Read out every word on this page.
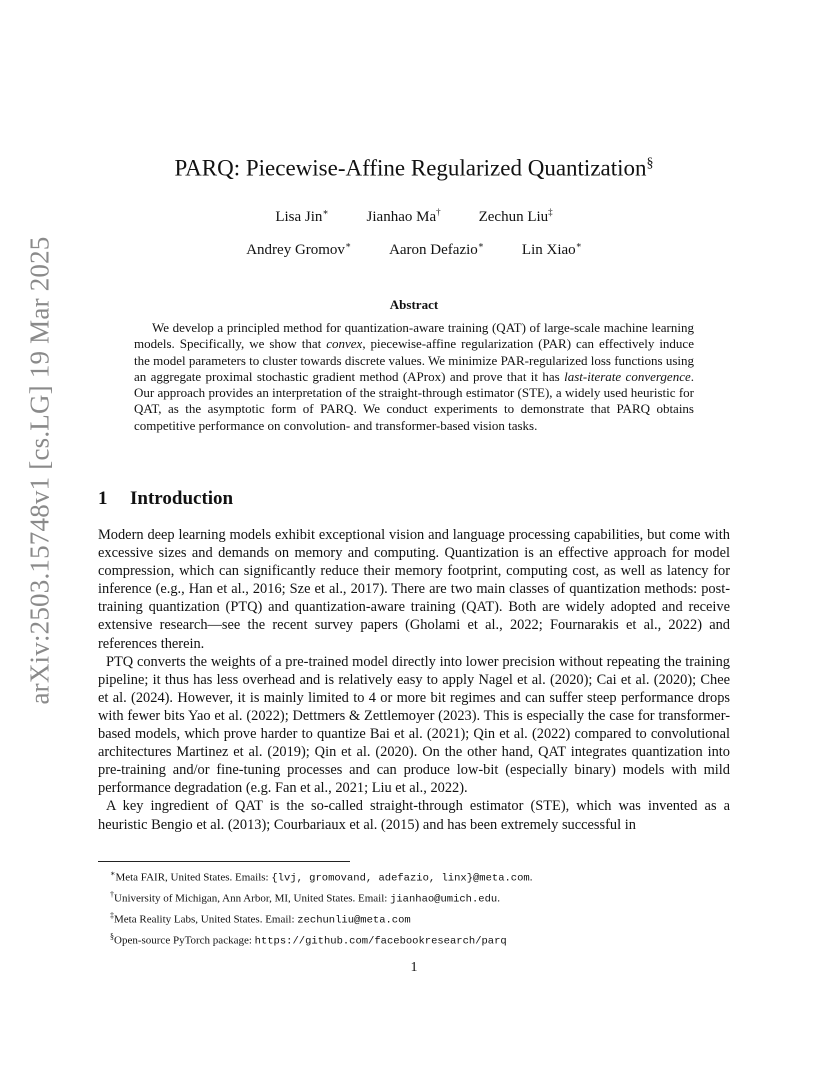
arXiv:2503.15748v1 [cs.LG] 19 Mar 2025
PARQ: Piecewise-Affine Regularized Quantization§
Lisa Jin∗	Jianhao Ma†	Zechun Liu‡
Andrey Gromov∗	Aaron Defazio∗	Lin Xiao∗
Abstract

We develop a principled method for quantization-aware training (QAT) of large-scale machine learning models. Specifically, we show that convex, piecewise-affine regularization (PAR) can effectively induce the model parameters to cluster towards discrete values. We minimize PAR-regularized loss functions using an aggregate proximal stochastic gradient method (AProx) and prove that it has last-iterate convergence. Our approach provides an interpretation of the straight-through estimator (STE), a widely used heuristic for QAT, as the asymptotic form of PARQ. We conduct experiments to demonstrate that PARQ obtains competitive performance on convolution- and transformer-based vision tasks.

1 Introduction

Modern deep learning models exhibit exceptional vision and language processing capabilities, but come with excessive sizes and demands on memory and computing. Quantization is an effective approach for model compression, which can significantly reduce their memory footprint, computing cost, as well as latency for inference (e.g., Han et al., 2016; Sze et al., 2017). There are two main classes of quantization methods: post-training quantization (PTQ) and quantization-aware training (QAT). Both are widely adopted and receive extensive research—see the recent survey papers (Gholami et al., 2022; Fournarakis et al., 2022) and references therein.

PTQ converts the weights of a pre-trained model directly into lower precision without repeating the training pipeline; it thus has less overhead and is relatively easy to apply Nagel et al. (2020); Cai et al. (2020); Chee et al. (2024). However, it is mainly limited to 4 or more bit regimes and can suffer steep performance drops with fewer bits Yao et al. (2022); Dettmers & Zettlemoyer (2023). This is especially the case for transformer-based models, which prove harder to quantize Bai et al. (2021); Qin et al. (2022) compared to convolutional architectures Martinez et al. (2019); Qin et al. (2020). On the other hand, QAT integrates quantization into pre-training and/or fine-tuning processes and can produce low-bit (especially binary) models with mild performance degradation (e.g. Fan et al., 2021; Liu et al., 2022).

A key ingredient of QAT is the so-called straight-through estimator (STE), which was invented as a heuristic Bengio et al. (2013); Courbariaux et al. (2015) and has been extremely successful in

∗Meta FAIR, United States. Emails: {lvj, gromovand, adefazio, linx}@meta.com.
†University of Michigan, Ann Arbor, MI, United States. Email: jianhao@umich.edu.
‡Meta Reality Labs, United States. Email: zechunliu@meta.com
§Open-source PyTorch package: https://github.com/facebookresearch/parq
1
